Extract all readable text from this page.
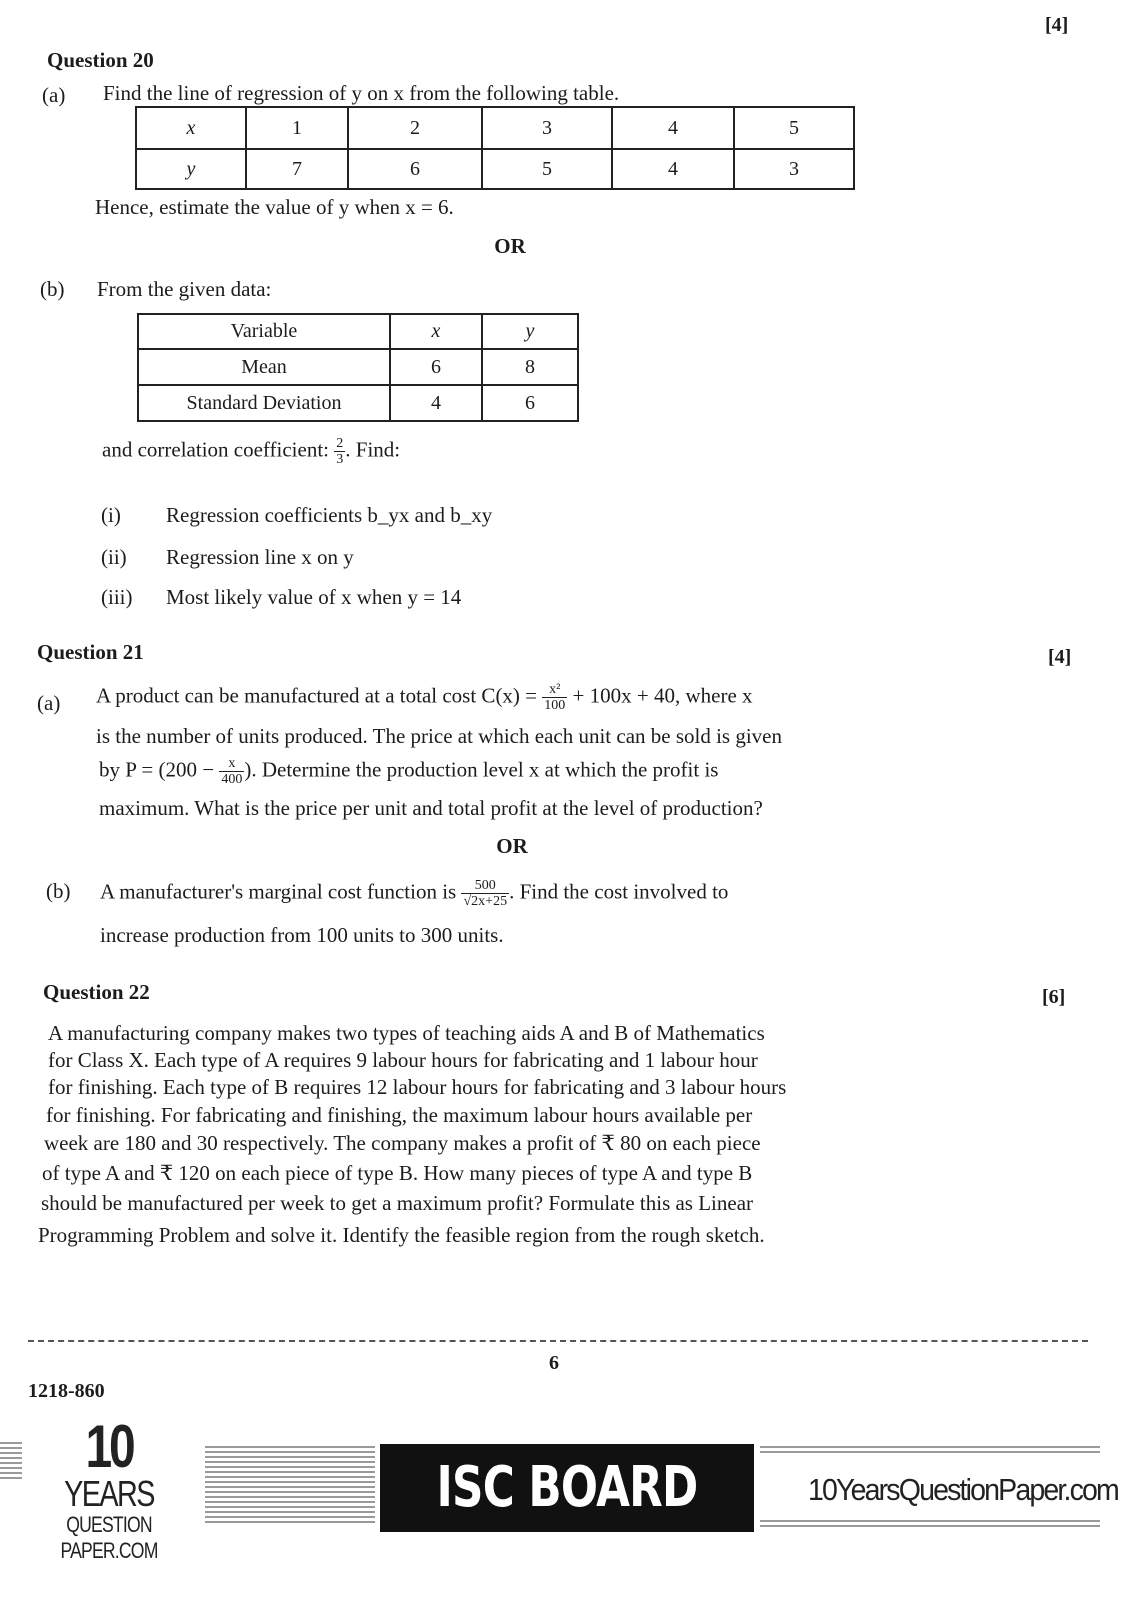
[4]
Question 20
(a) Find the line of regression of y on x from the following table.
x	1	2	3	4	5
y	7	6	5	4	3
Hence, estimate the value of y when x = 6.
OR
(b) From the given data:
Variable	x	y
Mean	6	8
Standard Deviation	4	6
and correlation coefficient: $\frac{2}{3}$ . Find:
(i) Regression coefficients b_yx and b_xy
(ii) Regression line x on y
(iii) Most likely value of x when y = 14
Question 21	[4]
(a) A product can be manufactured at a total cost $C(x) = \frac{\text{x²}}{100} + 100x + 40$, where x
is the number of units produced. The price at which each unit can be sold is given
by $P = (200 - \frac{x}{400}$ ). Determine the production level x at which the profit is
maximum. What is the price per unit and total profit at the level of production?
OR
(b) A manufacturer's marginal cost function is $\frac{500}{√2x+25}$ . Find the cost involved to
increase production from 100 units to 300 units.
Question 22	[6]
A manufacturing company makes two types of teaching aids A and B of Mathematics
for Class X. Each type of A requires 9 labour hours for fabricating and 1 labour hour
for finishing. Each type of B requires 12 labour hours for fabricating and 3 labour hours
for finishing. For fabricating and finishing, the maximum labour hours available per
week are 180 and 30 respectively. The company makes a profit of ₹ 80 on each piece
of type A and ₹ 120 on each piece of type B. How many pieces of type A and type B
should be manufactured per week to get a maximum profit? Formulate this as Linear
Programming Problem and solve it. Identify the feasible region from the rough sketch.
6
1218-860
10
YEARS
QUESTION PAPER.COM
ISC BOARD XII
10YearsQuestionPaper.com
